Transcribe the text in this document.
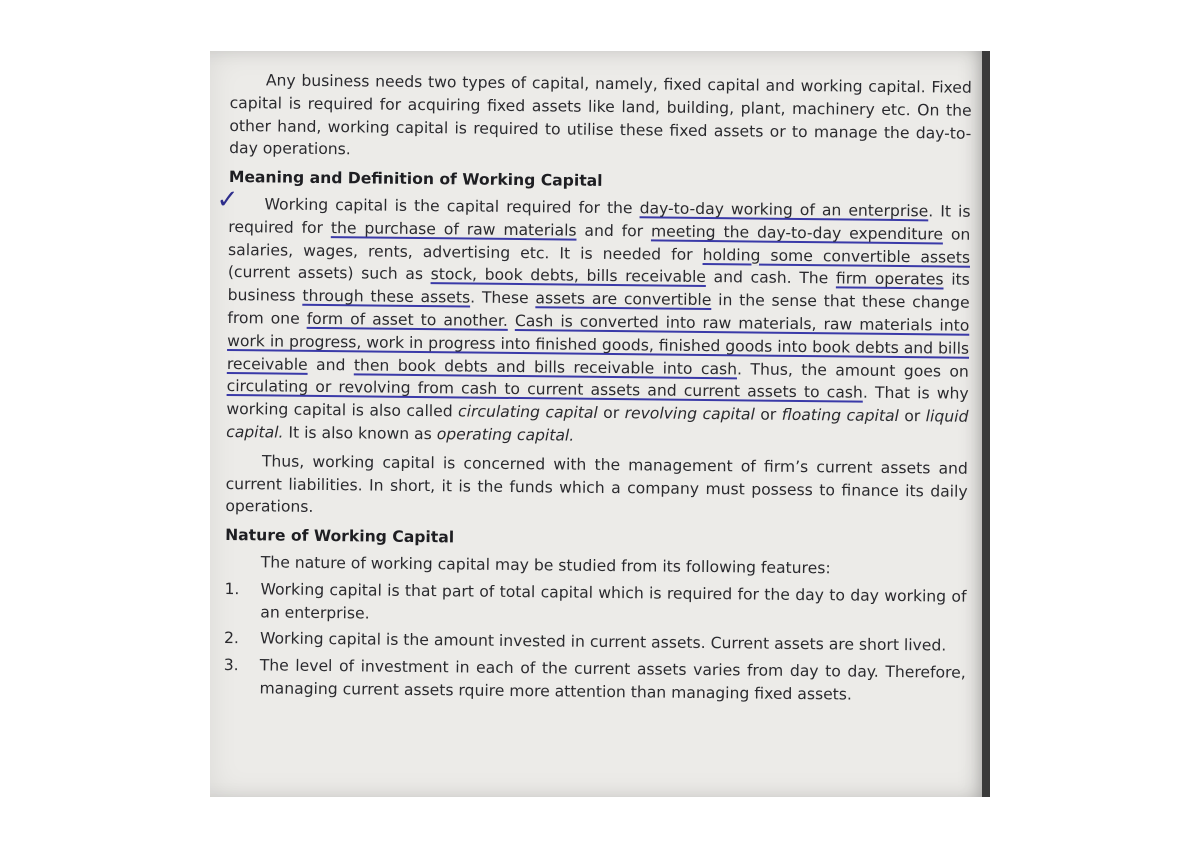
Any business needs two types of capital, namely, fixed capital and working capital. Fixed capital is required for acquiring fixed assets like land, building, plant, machinery etc. On the other hand, working capital is required to utilise these fixed assets or to manage the day-to-day operations.

Meaning and Definition of Working Capital
✓	Working capital is the capital required for the day-to-day working of an enterprise. It is required for the purchase of raw materials and for meeting the day-to-day expenditure on salaries, wages, rents, advertising etc. It is needed for holding some convertible assets (current assets) such as stock, book debts, bills receivable and cash. The firm operates its business through these assets. These assets are convertible in the sense that these change from one form of asset to another. Cash is converted into raw materials, raw materials into work in progress, work in progress into finished goods, finished goods into book debts and bills receivable and then book debts and bills receivable into cash. Thus, the amount goes on circulating or revolving from cash to current assets and current assets to cash. That is why working capital is also called circulating capital or revolving capital or floating capital or liquid capital. It is also known as operating capital.

Thus, working capital is concerned with the management of firm’s current assets and current liabilities. In short, it is the funds which a company must possess to finance its daily operations.

Nature of Working Capital

The nature of working capital may be studied from its following features:

1.	Working capital is that part of total capital which is required for the day to day working of an enterprise.
2.	Working capital is the amount invested in current assets. Current assets are short lived.
3.	The level of investment in each of the current assets varies from day to day. Therefore, managing current assets rquire more attention than managing fixed assets.
